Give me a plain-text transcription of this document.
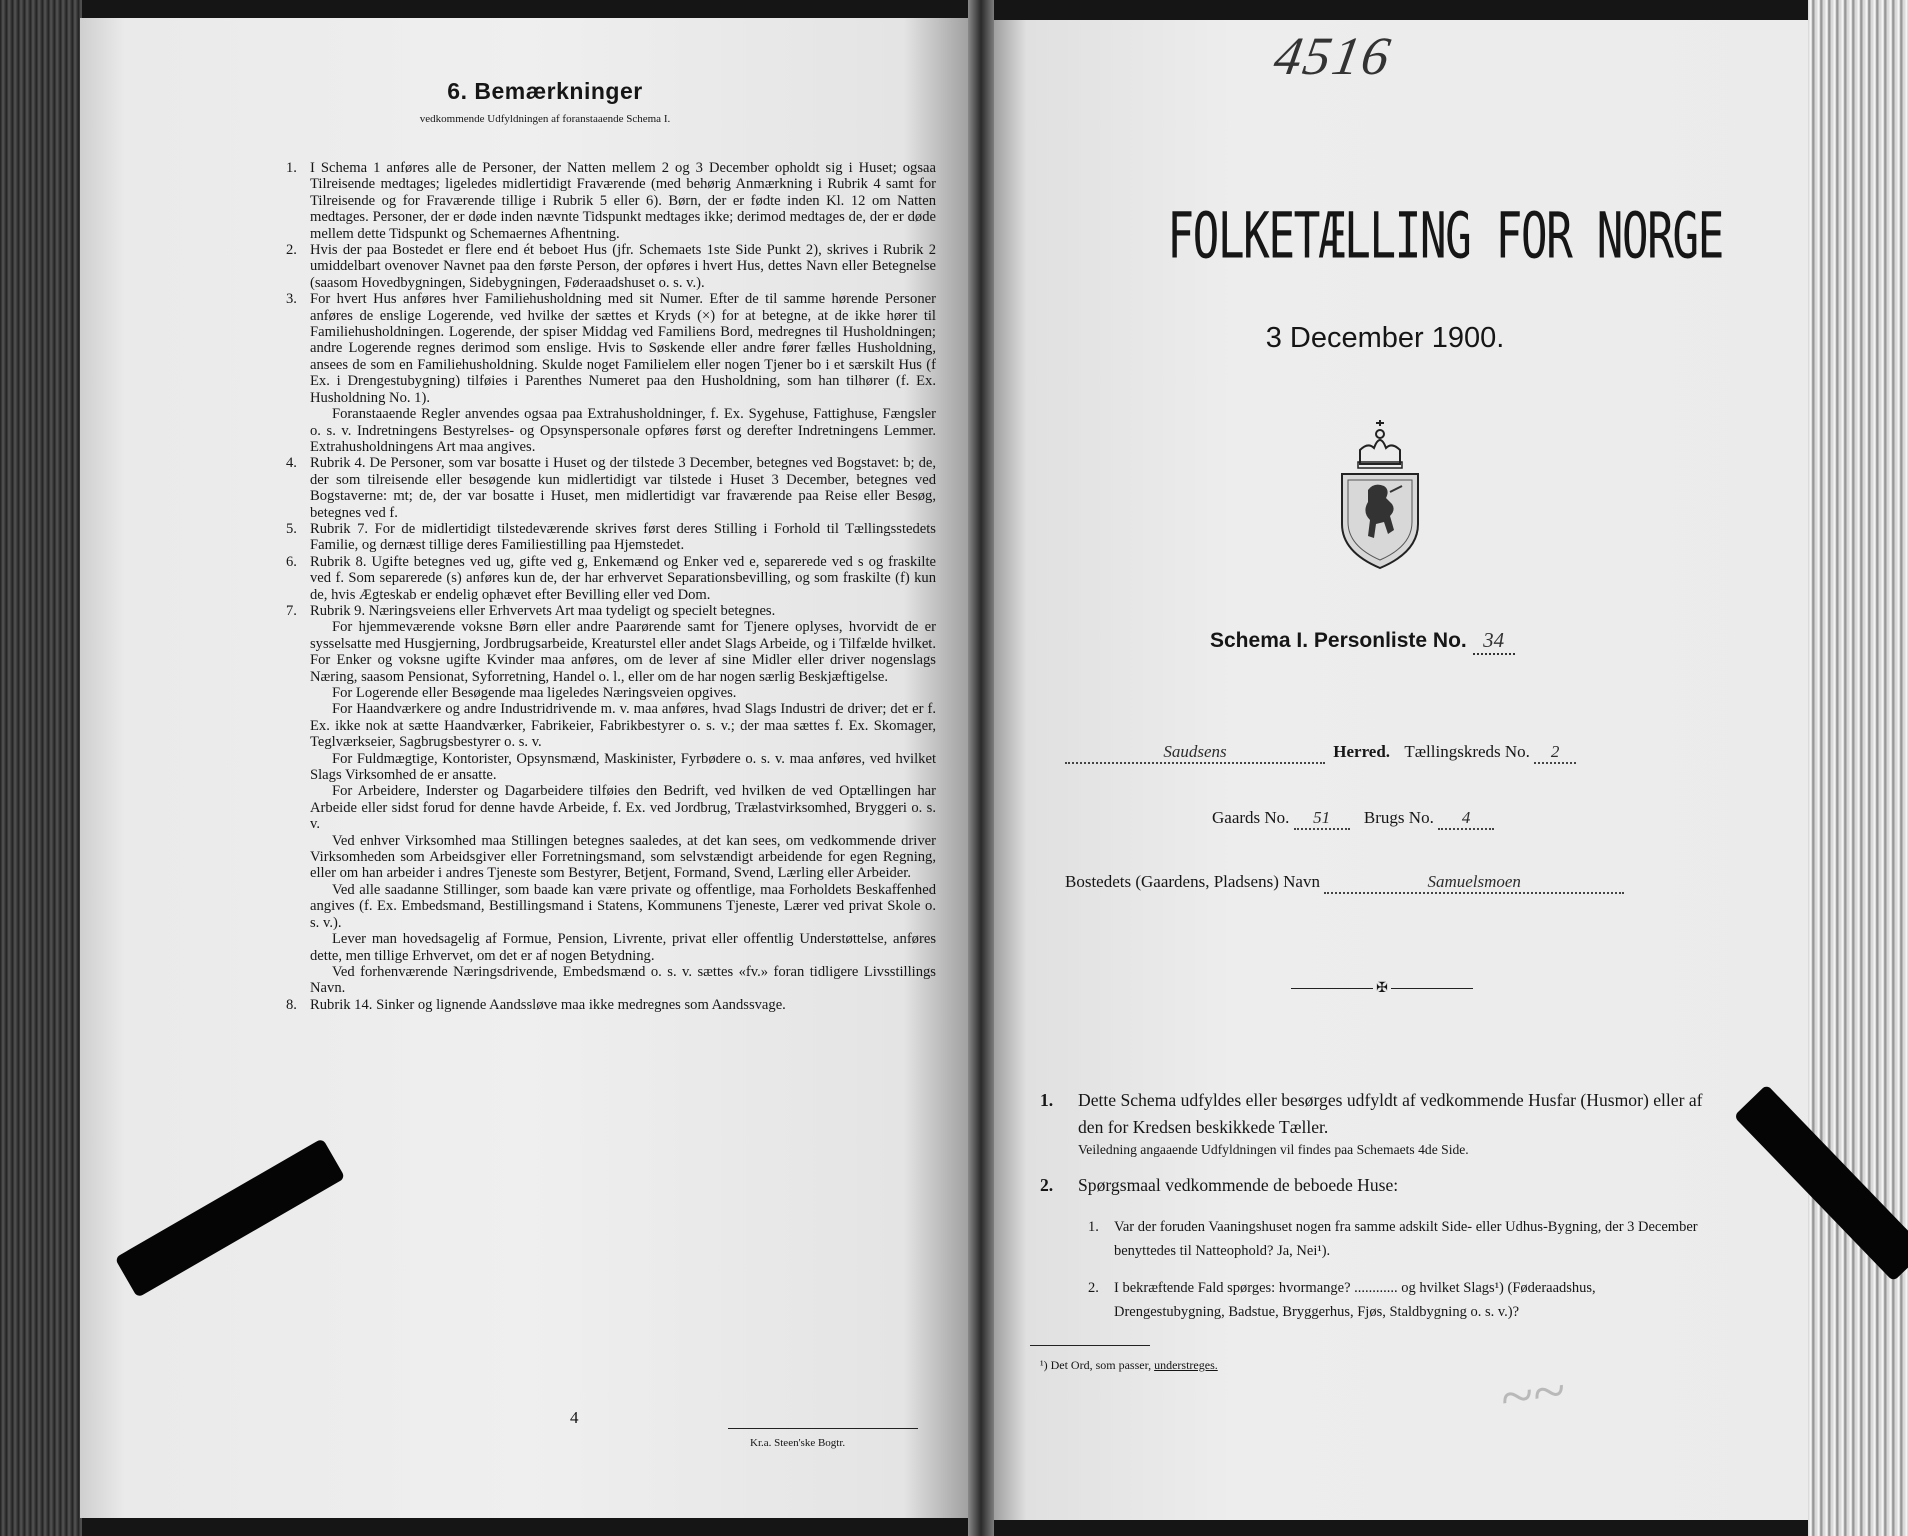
~~
6. Bemærkninger
vedkommende Udfyldningen af foranstaaende Schema I.
1. I Schema 1 anføres alle de Personer, der Natten mellem 2 og 3 December opholdt sig i Huset; ogsaa Tilreisende medtages; ligeledes midlertidigt Fraværende (med behørig Anmærkning i Rubrik 4 samt for Tilreisende og for Fraværende tillige i Rubrik 5 eller 6). Børn, der er fødte inden Kl. 12 om Natten medtages. Personer, der er døde inden nævnte Tidspunkt medtages ikke; derimod medtages de, der er døde mellem dette Tidspunkt og Schemaernes Afhentning.

2. Hvis der paa Bostedet er flere end ét beboet Hus (jfr. Schemaets 1ste Side Punkt 2), skrives i Rubrik 2 umiddelbart ovenover Navnet paa den første Person, der opføres i hvert Hus, dettes Navn eller Betegnelse (saasom Hovedbygningen, Sidebygningen, Føderaadshuset o. s. v.).

3. For hvert Hus anføres hver Familiehusholdning med sit Numer. Efter de til samme hørende Personer anføres de enslige Logerende, ved hvilke der sættes et Kryds (×) for at betegne, at de ikke hører til Familiehusholdningen. Logerende, der spiser Middag ved Familiens Bord, medregnes til Husholdningen; andre Logerende regnes derimod som enslige. Hvis to Søskende eller andre fører fælles Husholdning, ansees de som en Familiehusholdning. Skulde noget Familielem eller nogen Tjener bo i et særskilt Hus (f Ex. i Drengestubygning) tilføies i Parenthes Numeret paa den Husholdning, som han tilhører (f. Ex. Husholdning No. 1).

Foranstaaende Regler anvendes ogsaa paa Extrahusholdninger, f. Ex. Sygehuse, Fattighuse, Fængsler o. s. v. Indretningens Bestyrelses- og Opsynspersonale opføres først og derefter Indretningens Lemmer. Extrahusholdningens Art maa angives.

4. Rubrik 4. De Personer, som var bosatte i Huset og der tilstede 3 December, betegnes ved Bogstavet: b; de, der som tilreisende eller besøgende kun midlertidigt var tilstede i Huset 3 December, betegnes ved Bogstaverne: mt; de, der var bosatte i Huset, men midlertidigt var fraværende paa Reise eller Besøg, betegnes ved f.

5. Rubrik 7. For de midlertidigt tilstedeværende skrives først deres Stilling i Forhold til Tællingsstedets Familie, og dernæst tillige deres Familiestilling paa Hjemstedet.

6. Rubrik 8. Ugifte betegnes ved ug, gifte ved g, Enkemænd og Enker ved e, separerede ved s og fraskilte ved f. Som separerede (s) anføres kun de, der har erhvervet Separationsbevilling, og som fraskilte (f) kun de, hvis Ægteskab er endelig ophævet efter Bevilling eller ved Dom.

7. Rubrik 9. Næringsveiens eller Erhvervets Art maa tydeligt og specielt betegnes.

For hjemmeværende voksne Børn eller andre Paarørende samt for Tjenere oplyses, hvorvidt de er sysselsatte med Husgjerning, Jordbrugsarbeide, Kreaturstel eller andet Slags Arbeide, og i Tilfælde hvilket. For Enker og voksne ugifte Kvinder maa anføres, om de lever af sine Midler eller driver nogenslags Næring, saasom Pensionat, Syforretning, Handel o. l., eller om de har nogen særlig Beskjæftigelse.

For Logerende eller Besøgende maa ligeledes Næringsveien opgives.

For Haandværkere og andre Industridrivende m. v. maa anføres, hvad Slags Industri de driver; det er f. Ex. ikke nok at sætte Haandværker, Fabrikeier, Fabrikbestyrer o. s. v.; der maa sættes f. Ex. Skomager, Teglværkseier, Sagbrugsbestyrer o. s. v.

For Fuldmægtige, Kontorister, Opsynsmænd, Maskinister, Fyrbødere o. s. v. maa anføres, ved hvilket Slags Virksomhed de er ansatte.

For Arbeidere, Inderster og Dagarbeidere tilføies den Bedrift, ved hvilken de ved Optællingen har Arbeide eller sidst forud for denne havde Arbeide, f. Ex. ved Jordbrug, Trælastvirksomhed, Bryggeri o. s. v.

Ved enhver Virksomhed maa Stillingen betegnes saaledes, at det kan sees, om vedkommende driver Virksomheden som Arbeidsgiver eller Forretningsmand, som selvstændigt arbeidende for egen Regning, eller om han arbeider i andres Tjeneste som Bestyrer, Betjent, Formand, Svend, Lærling eller Arbeider.

Ved alle saadanne Stillinger, som baade kan være private og offentlige, maa Forholdets Beskaffenhed angives (f. Ex. Embedsmand, Bestillingsmand i Statens, Kommunens Tjeneste, Lærer ved privat Skole o. s. v.).

Lever man hovedsagelig af Formue, Pension, Livrente, privat eller offentlig Understøttelse, anføres dette, men tillige Erhvervet, om det er af nogen Betydning.

Ved forhenværende Næringsdrivende, Embedsmænd o. s. v. sættes «fv.» foran tidligere Livsstillings Navn.

8. Rubrik 14. Sinker og lignende Aandssløve maa ikke medregnes som Aandssvage.

4
Kr.a. Steen'ske Bogtr.
4516
FOLKETÆLLING FOR NORGE
3 December 1900.
Schema I. Personliste No. 34
Saudsens	Herred. Tællingskreds No. 2
Gaards No. 51 Brugs No. 4
Bostedets (Gaardens, Pladsens) Navn	Samuelsmoen
✠
1. Dette Schema udfyldes eller besørges udfyldt af vedkommende Husfar (Husmor) eller af den for Kredsen beskikkede Tæller.
Veiledning angaaende Udfyldningen vil findes paa Schemaets 4de Side.
2. Spørgsmaal vedkommende de beboede Huse:
1. Var der foruden Vaaningshuset nogen fra samme adskilt Side- eller Udhus-Bygning, der 3 December benyttedes til Natteophold? Ja, Nei¹).
2. I bekræftende Fald spørges: hvormange? ............ og hvilket Slags¹) (Føderaadshus, Drengestubygning, Badstue, Bryggerhus, Fjøs, Staldbygning o. s. v.)?
¹) Det Ord, som passer, understreges.
